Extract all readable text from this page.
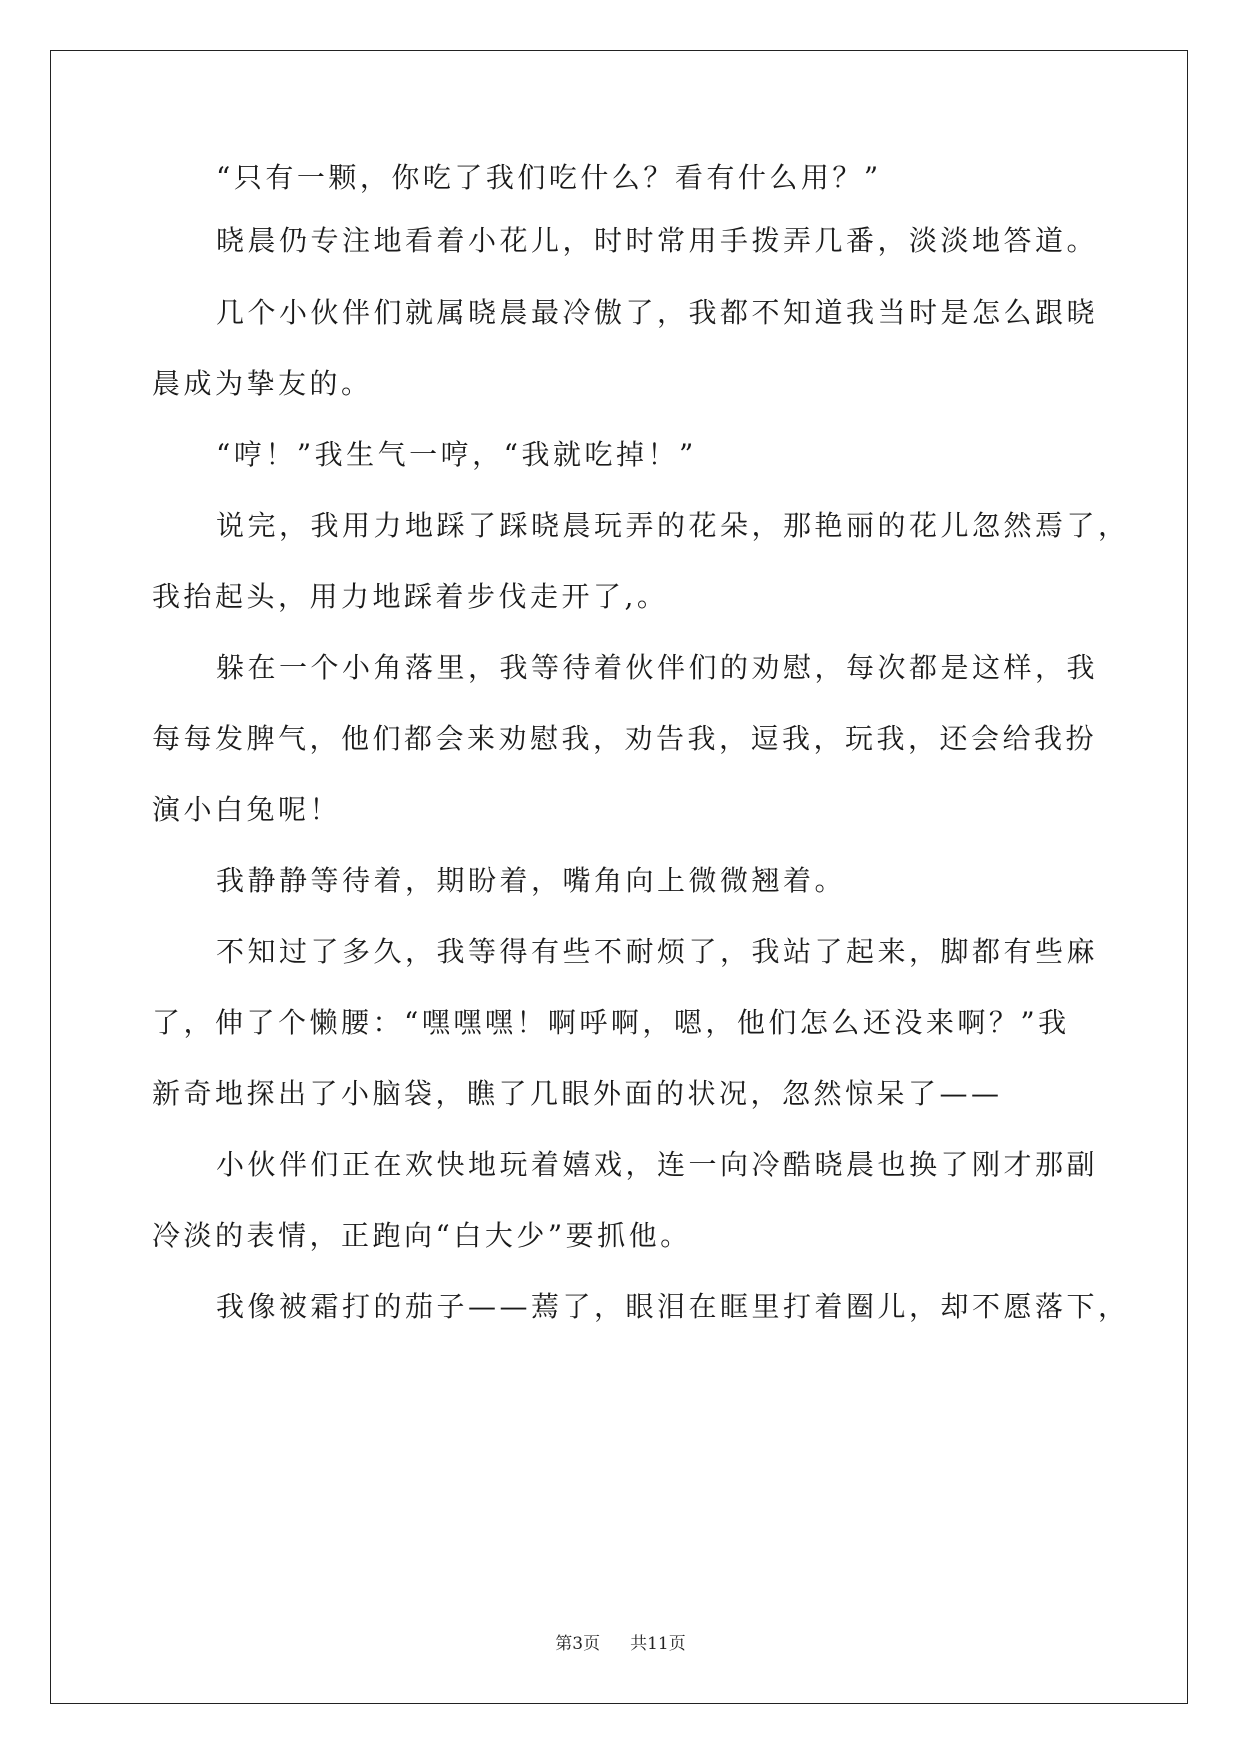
“只有一颗，你吃了我们吃什么？看有什么用？”
晓晨仍专注地看着小花儿，时时常用手拨弄几番，淡淡地答道。
几个小伙伴们就属晓晨最冷傲了，我都不知道我当时是怎么跟晓
晨成为挚友的。
“哼！”我生气一哼，“我就吃掉！”
说完，我用力地踩了踩晓晨玩弄的花朵，那艳丽的花儿忽然焉了，
我抬起头，用力地踩着步伐走开了,。
躲在一个小角落里，我等待着伙伴们的劝慰，每次都是这样，我
每每发脾气，他们都会来劝慰我，劝告我，逗我，玩我，还会给我扮
演小白兔呢！
我静静等待着，期盼着，嘴角向上微微翘着。
不知过了多久，我等得有些不耐烦了，我站了起来，脚都有些麻
了，伸了个懒腰：“嘿嘿嘿！啊呼啊，嗯，他们怎么还没来啊？”我
新奇地探出了小脑袋，瞧了几眼外面的状况，忽然惊呆了——
小伙伴们正在欢快地玩着嬉戏，连一向冷酷晓晨也换了刚才那副
冷淡的表情，正跑向“白大少”要抓他。
我像被霜打的茄子——蔫了，眼泪在眶里打着圈儿，却不愿落下，
第3页 共11页
